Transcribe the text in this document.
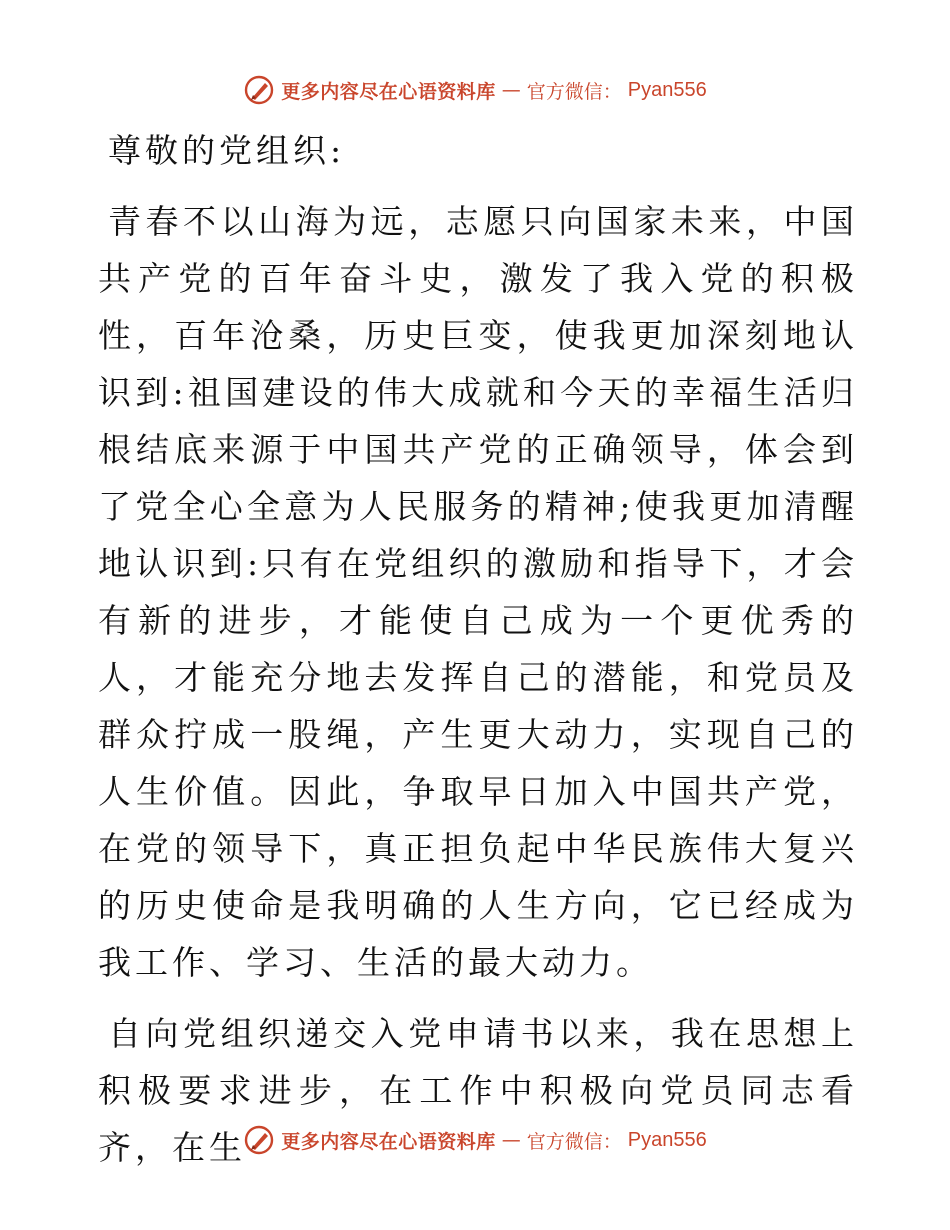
更多内容尽在心语资料库 — 官方微信： Pyan556
尊敬的党组织:

青春不以山海为远，志愿只向国家未来，中国共产党的百年奋斗史，激发了我入党的积极性，百年沧桑，历史巨变，使我更加深刻地认识到:祖国建设的伟大成就和今天的幸福生活归根结底来源于中国共产党的正确领导，体会到了党全心全意为人民服务的精神;使我更加清醒地认识到:只有在党组织的激励和指导下，才会有新的进步，才能使自己成为一个更优秀的人，才能充分地去发挥自己的潜能，和党员及群众拧成一股绳，产生更大动力，实现自己的人生价值。因此，争取早日加入中国共产党，在党的领导下，真正担负起中华民族伟大复兴的历史使命是我明确的人生方向，它已经成为我工作、学习、生活的最大动力。

自向党组织递交入党申请书以来，我在思想上积极要求进步，在工作中积极向党员同志看齐，在生	更多内容尽在心语资料库 — 官方微信： Pyan556
